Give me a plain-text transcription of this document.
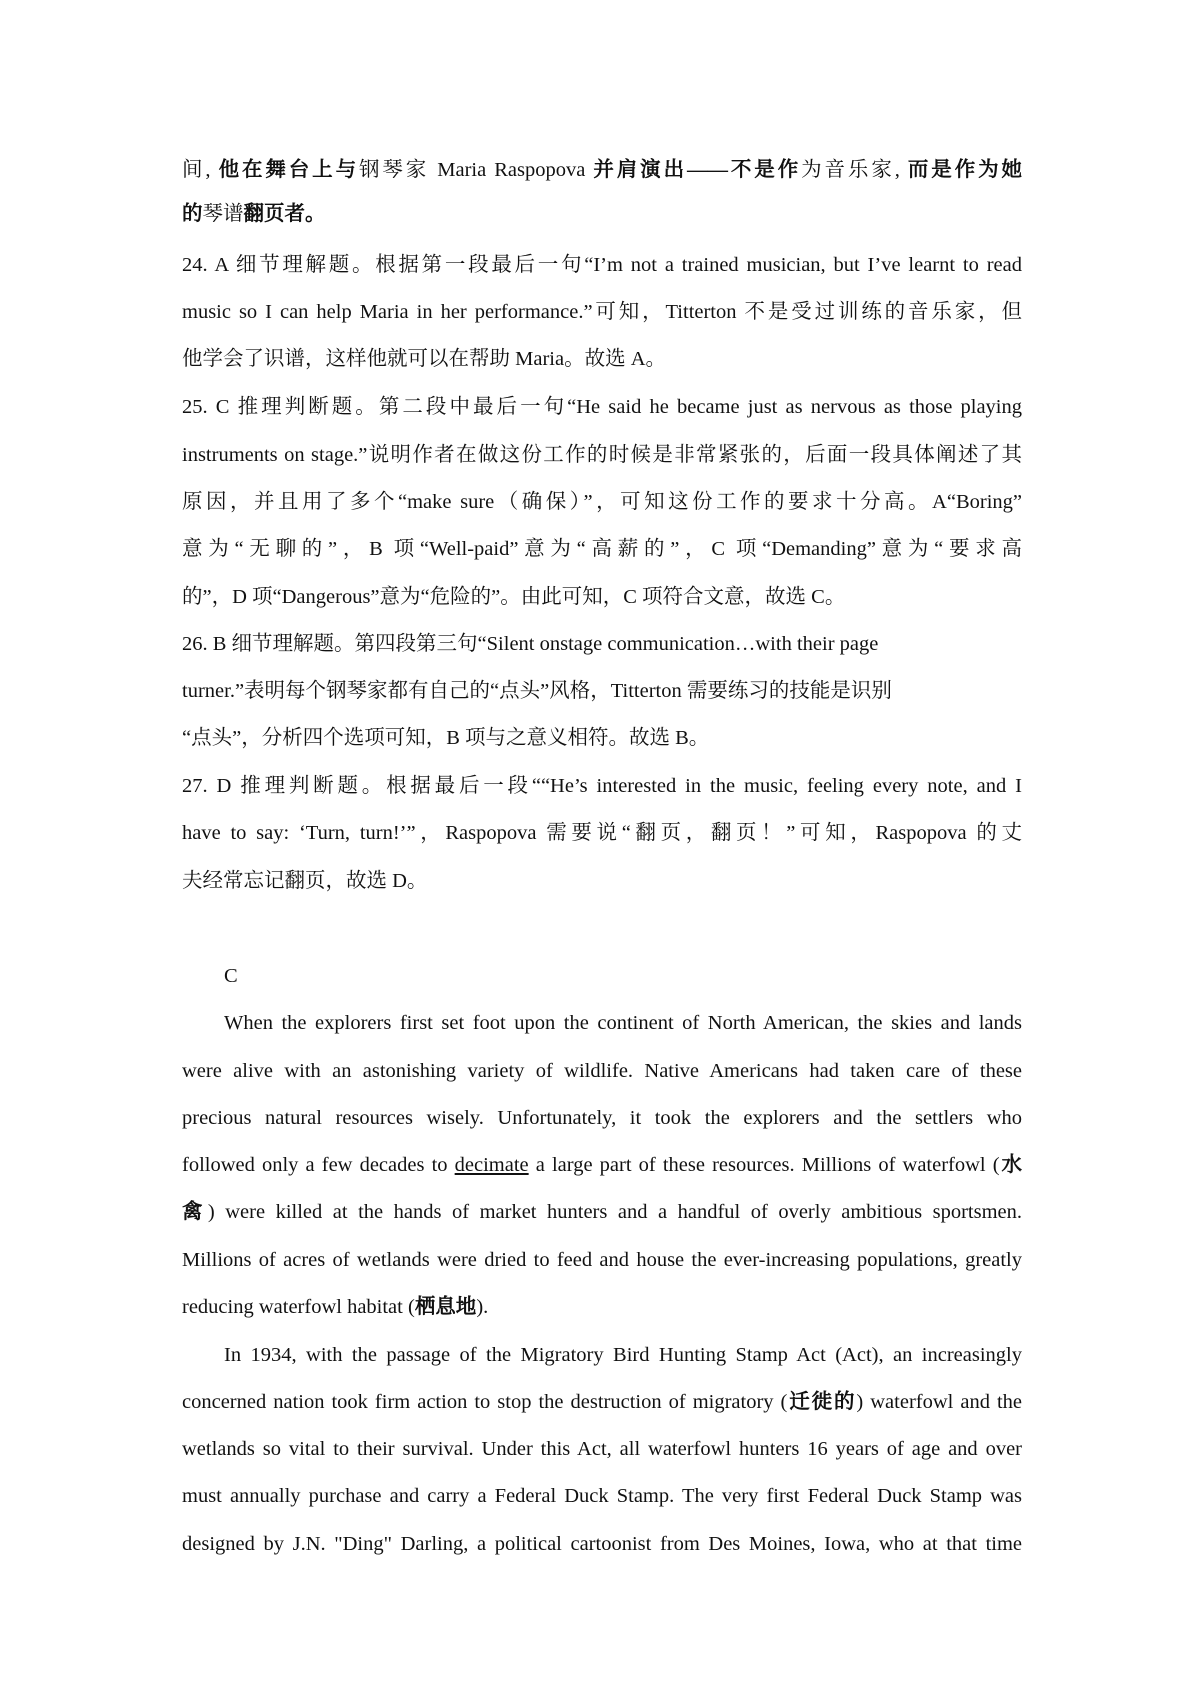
间, 他在舞台上与钢琴家 Maria Raspopova 并肩演出——不是作为音乐家, 而是作为她
的琴谱翻页者。
24. A 细节理解题。根据第一段最后一句“I’m not a trained musician, but I’ve learnt to read
music so I can help Maria in her performance.”可知，Titterton 不是受过训练的音乐家，但
他学会了识谱，这样他就可以在帮助 Maria。故选 A。
25. C 推理判断题。第二段中最后一句“He said he became just as nervous as those playing
instruments on stage.”说明作者在做这份工作的时候是非常紧张的，后面一段具体阐述了其
原因，并且用了多个“make sure（确保）”，可知这份工作的要求十分高。A“Boring”
意为“无聊的”，B 项“Well-paid”意为“高薪的”，C 项“Demanding”意为“要求高
的”，D 项“Dangerous”意为“危险的”。由此可知，C 项符合文意，故选 C。
26. B 细节理解题。第四段第三句“Silent onstage communication…with their page
turner.”表明每个钢琴家都有自己的“点头”风格，Titterton 需要练习的技能是识别
“点头”，分析四个选项可知，B 项与之意义相符。故选 B。
27. D 推理判断题。根据最后一段““He’s interested in the music, feeling every note, and I
have to say: ‘Turn, turn!’”，Raspopova 需要说“翻页，翻页！”可知，Raspopova 的丈
夫经常忘记翻页，故选 D。
C
When the explorers first set foot upon the continent of North American, the skies and lands
were alive with an astonishing variety of wildlife. Native Americans had taken care of these
precious natural resources wisely. Unfortunately, it took the explorers and the settlers who
followed only a few decades to decimate a large part of these resources. Millions of waterfowl (水
禽) were killed at the hands of market hunters and a handful of overly ambitious sportsmen.
Millions of acres of wetlands were dried to feed and house the ever-increasing populations, greatly
reducing waterfowl habitat (栖息地).
In 1934, with the passage of the Migratory Bird Hunting Stamp Act (Act), an increasingly
concerned nation took firm action to stop the destruction of migratory (迁徙的) waterfowl and the
wetlands so vital to their survival. Under this Act, all waterfowl hunters 16 years of age and over
must annually purchase and carry a Federal Duck Stamp. The very first Federal Duck Stamp was
designed by J.N. "Ding" Darling, a political cartoonist from Des Moines, Iowa, who at that time
